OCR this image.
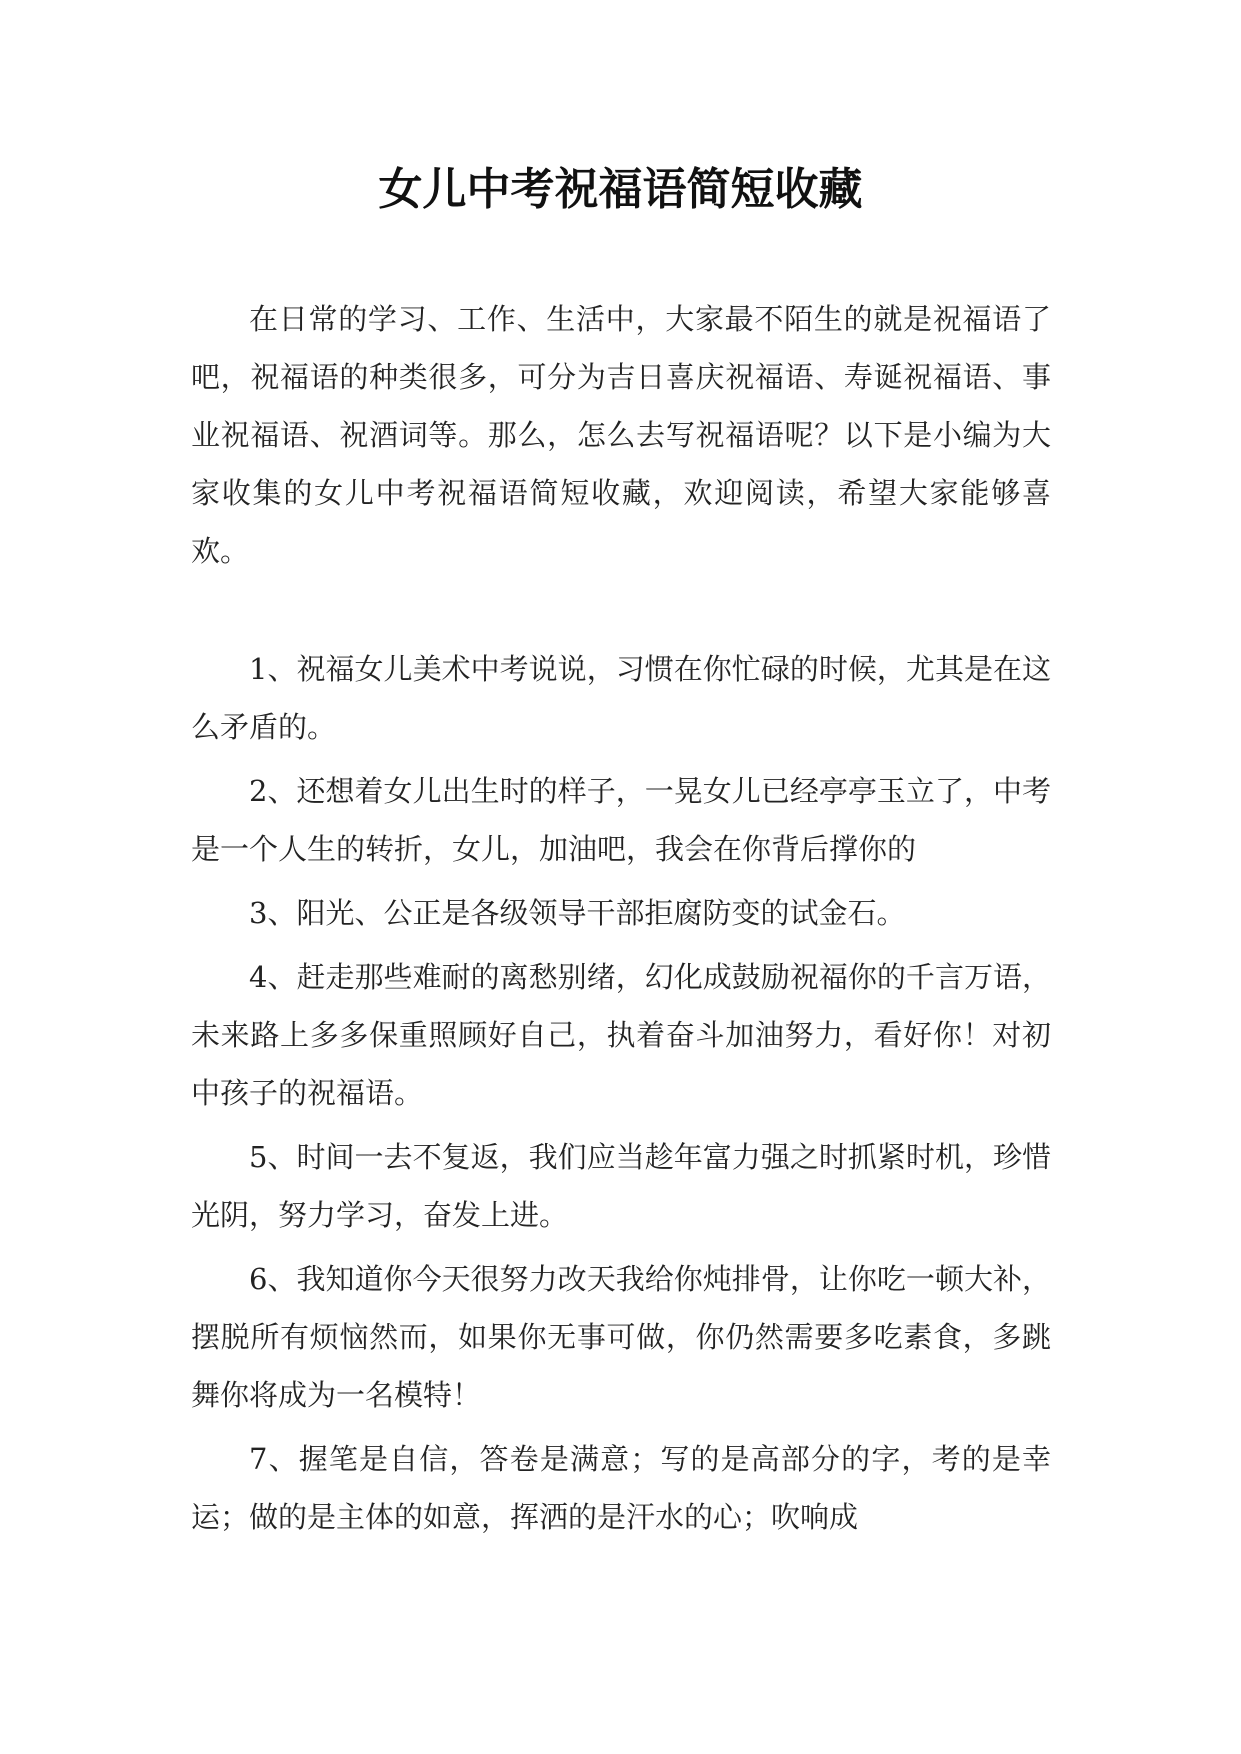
女儿中考祝福语简短收藏

在日常的学习、工作、生活中，大家最不陌生的就是祝福语了吧，祝福语的种类很多，可分为吉日喜庆祝福语、寿诞祝福语、事业祝福语、祝酒词等。那么，怎么去写祝福语呢？以下是小编为大家收集的女儿中考祝福语简短收藏，欢迎阅读，希望大家能够喜欢。

1、祝福女儿美术中考说说，习惯在你忙碌的时候，尤其是在这么矛盾的。

2、还想着女儿出生时的样子，一晃女儿已经亭亭玉立了，中考是一个人生的转折，女儿，加油吧，我会在你背后撑你的

3、阳光、公正是各级领导干部拒腐防变的试金石。

4、赶走那些难耐的离愁别绪，幻化成鼓励祝福你的千言万语，未来路上多多保重照顾好自己，执着奋斗加油努力，看好你！对初中孩子的祝福语。

5、时间一去不复返，我们应当趁年富力强之时抓紧时机，珍惜光阴，努力学习，奋发上进。

6、我知道你今天很努力改天我给你炖排骨，让你吃一顿大补，摆脱所有烦恼然而，如果你无事可做，你仍然需要多吃素食，多跳舞你将成为一名模特！

7、握笔是自信，答卷是满意；写的是高部分的字，考的是幸运；做的是主体的如意，挥洒的是汗水的心；吹响成
